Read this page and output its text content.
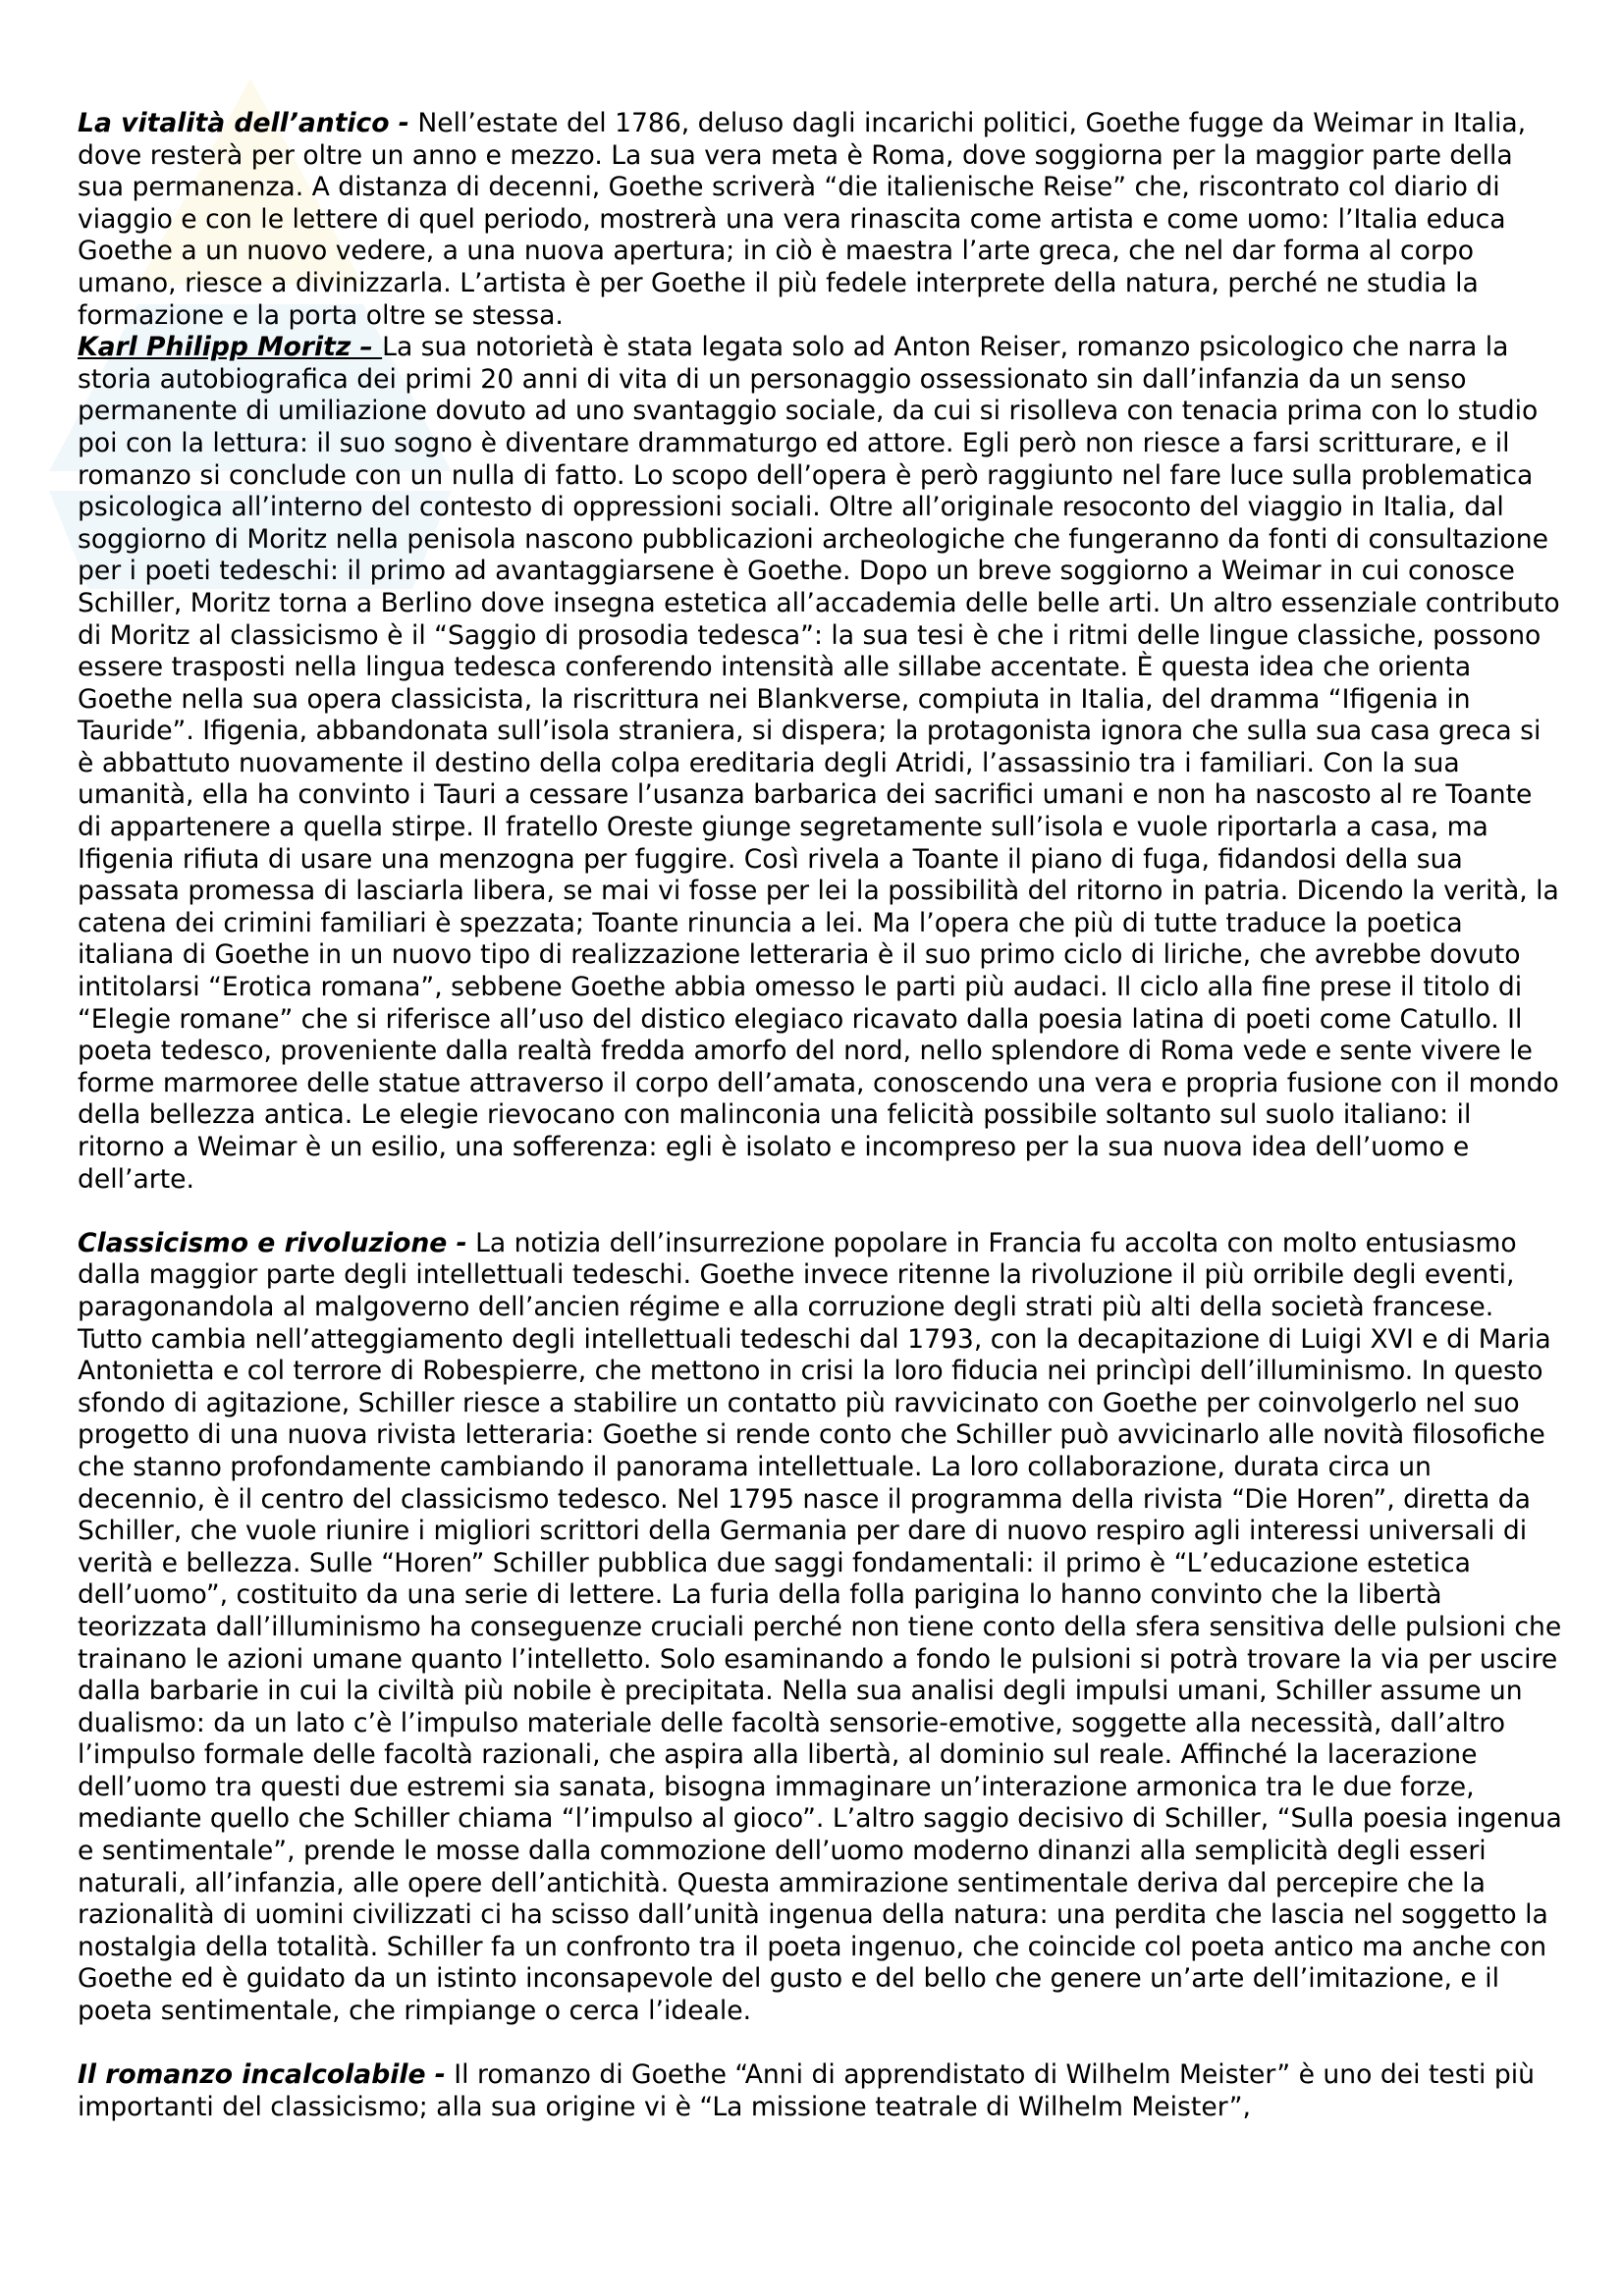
La vitalità dell’antico - Nell’estate del 1786, deluso dagli incarichi politici, Goethe fugge da Weimar in Italia, dove resterà per oltre un anno e mezzo. La sua vera meta è Roma, dove soggiorna per la maggior parte della sua permanenza. A distanza di decenni, Goethe scriverà “die italienische Reise” che, riscontrato col diario di viaggio e con le lettere di quel periodo, mostrerà una vera rinascita come artista e come uomo: l’Italia educa Goethe a un nuovo vedere, a una nuova apertura; in ciò è maestra l’arte greca, che nel dar forma al corpo umano, riesce a divinizzarla. L’artista è per Goethe il più fedele interprete della natura, perché ne studia la formazione e la porta oltre se stessa.

Karl Philipp Moritz – La sua notorietà è stata legata solo ad Anton Reiser, romanzo psicologico che narra la storia autobiografica dei primi 20 anni di vita di un personaggio ossessionato sin dall’infanzia da un senso permanente di umiliazione dovuto ad uno svantaggio sociale, da cui si risolleva con tenacia prima con lo studio poi con la lettura: il suo sogno è diventare drammaturgo ed attore. Egli però non riesce a farsi scritturare, e il romanzo si conclude con un nulla di fatto. Lo scopo dell’opera è però raggiunto nel fare luce sulla problematica psicologica all’interno del contesto di oppressioni sociali. Oltre all’originale resoconto del viaggio in Italia, dal soggiorno di Moritz nella penisola nascono pubblicazioni archeologiche che fungeranno da fonti di consultazione per i poeti tedeschi: il primo ad avantaggiarsene è Goethe. Dopo un breve soggiorno a Weimar in cui conosce Schiller, Moritz torna a Berlino dove insegna estetica all’accademia delle belle arti. Un altro essenziale contributo di Moritz al classicismo è il “Saggio di prosodia tedesca”: la sua tesi è che i ritmi delle lingue classiche, possono essere trasposti nella lingua tedesca conferendo intensità alle sillabe accentate. È questa idea che orienta Goethe nella sua opera classicista, la riscrittura nei Blankverse, compiuta in Italia, del dramma “Ifigenia in Tauride”. Ifigenia, abbandonata sull’isola straniera, si dispera; la protagonista ignora che sulla sua casa greca si è abbattuto nuovamente il destino della colpa ereditaria degli Atridi, l’assassinio tra i familiari. Con la sua umanità, ella ha convinto i Tauri a cessare l’usanza barbarica dei sacrifici umani e non ha nascosto al re Toante di appartenere a quella stirpe. Il fratello Oreste giunge segretamente sull’isola e vuole riportarla a casa, ma Ifigenia rifiuta di usare una menzogna per fuggire. Così rivela a Toante il piano di fuga, fidandosi della sua passata promessa di lasciarla libera, se mai vi fosse per lei la possibilità del ritorno in patria. Dicendo la verità, la catena dei crimini familiari è spezzata; Toante rinuncia a lei. Ma l’opera che più di tutte traduce la poetica italiana di Goethe in un nuovo tipo di realizzazione letteraria è il suo primo ciclo di liriche, che avrebbe dovuto intitolarsi “Erotica romana”, sebbene Goethe abbia omesso le parti più audaci. Il ciclo alla fine prese il titolo di “Elegie romane” che si riferisce all’uso del distico elegiaco ricavato dalla poesia latina di poeti come Catullo. Il poeta tedesco, proveniente dalla realtà fredda amorfo del nord, nello splendore di Roma vede e sente vivere le forme marmoree delle statue attraverso il corpo dell’amata, conoscendo una vera e propria fusione con il mondo della bellezza antica. Le elegie rievocano con malinconia una felicità possibile soltanto sul suolo italiano: il ritorno a Weimar è un esilio, una sofferenza: egli è isolato e incompreso per la sua nuova idea dell’uomo e dell’arte.

Classicismo e rivoluzione - La notizia dell’insurrezione popolare in Francia fu accolta con molto entusiasmo dalla maggior parte degli intellettuali tedeschi. Goethe invece ritenne la rivoluzione il più orribile degli eventi, paragonandola al malgoverno dell’ancien régime e alla corruzione degli strati più alti della società francese. Tutto cambia nell’atteggiamento degli intellettuali tedeschi dal 1793, con la decapitazione di Luigi XVI e di Maria Antonietta e col terrore di Robespierre, che mettono in crisi la loro fiducia nei princìpi dell’illuminismo. In questo sfondo di agitazione, Schiller riesce a stabilire un contatto più ravvicinato con Goethe per coinvolgerlo nel suo progetto di una nuova rivista letteraria: Goethe si rende conto che Schiller può avvicinarlo alle novità filosofiche che stanno profondamente cambiando il panorama intellettuale. La loro collaborazione, durata circa un decennio, è il centro del classicismo tedesco. Nel 1795 nasce il programma della rivista “Die Horen”, diretta da Schiller, che vuole riunire i migliori scrittori della Germania per dare di nuovo respiro agli interessi universali di verità e bellezza. Sulle “Horen” Schiller pubblica due saggi fondamentali: il primo è “L’educazione estetica dell’uomo”, costituito da una serie di lettere. La furia della folla parigina lo hanno convinto che la libertà teorizzata dall’illuminismo ha conseguenze cruciali perché non tiene conto della sfera sensitiva delle pulsioni che trainano le azioni umane quanto l’intelletto. Solo esaminando a fondo le pulsioni si potrà trovare la via per uscire dalla barbarie in cui la civiltà più nobile è precipitata. Nella sua analisi degli impulsi umani, Schiller assume un dualismo: da un lato c’è l’impulso materiale delle facoltà sensorie-emotive, soggette alla necessità, dall’altro l’impulso formale delle facoltà razionali, che aspira alla libertà, al dominio sul reale. Affinché la lacerazione dell’uomo tra questi due estremi sia sanata, bisogna immaginare un’interazione armonica tra le due forze, mediante quello che Schiller chiama “l’impulso al gioco”. L’altro saggio decisivo di Schiller, “Sulla poesia ingenua e sentimentale”, prende le mosse dalla commozione dell’uomo moderno dinanzi alla semplicità degli esseri naturali, all’infanzia, alle opere dell’antichità. Questa ammirazione sentimentale deriva dal percepire che la razionalità di uomini civilizzati ci ha scisso dall’unità ingenua della natura: una perdita che lascia nel soggetto la nostalgia della totalità. Schiller fa un confronto tra il poeta ingenuo, che coincide col poeta antico ma anche con Goethe ed è guidato da un istinto inconsapevole del gusto e del bello che genere un’arte dell’imitazione, e il poeta sentimentale, che rimpiange o cerca l’ideale.

Il romanzo incalcolabile - Il romanzo di Goethe “Anni di apprendistato di Wilhelm Meister” è uno dei testi più importanti del classicismo; alla sua origine vi è “La missione teatrale di Wilhelm Meister”,
